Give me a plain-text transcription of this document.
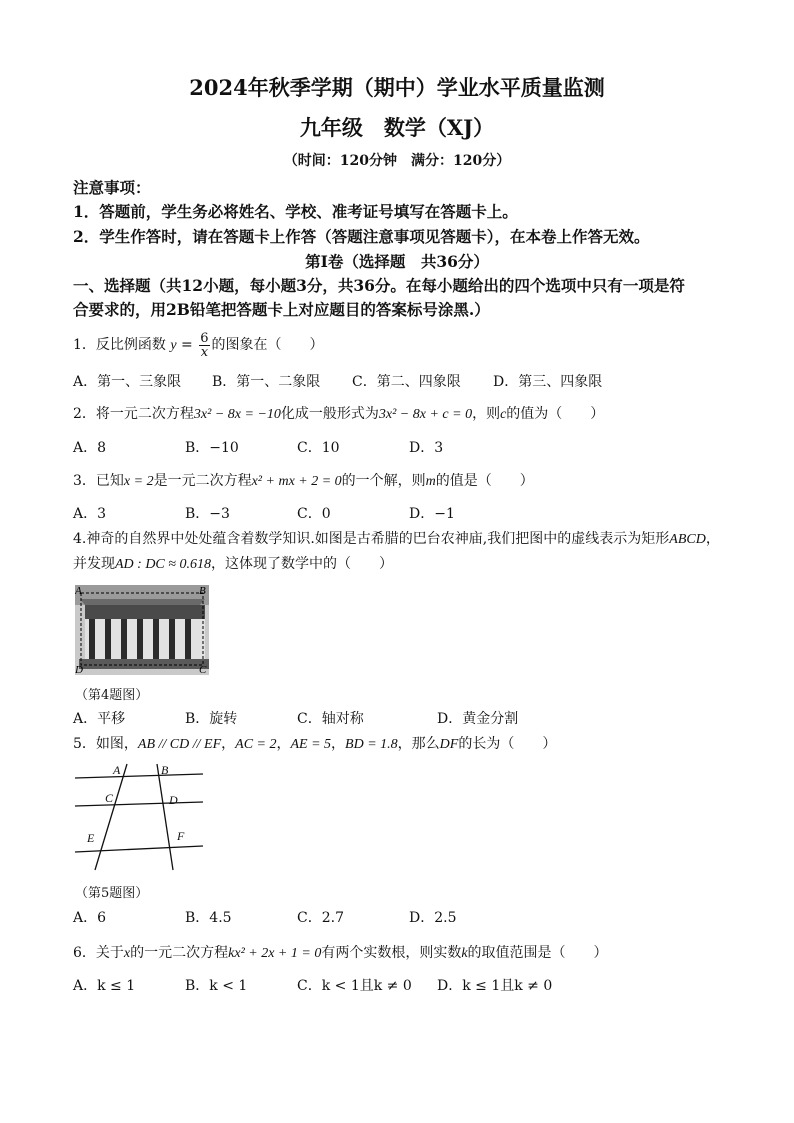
2024年秋季学期（期中）学业水平质量监测
九年级　数学（XJ）
（时间：120分钟　满分：120分）
注意事项：
1．答题前，学生务必将姓名、学校、准考证号填写在答题卡上。
2．学生作答时，请在答题卡上作答（答题注意事项见答题卡），在本卷上作答无效。
第Ⅰ卷（选择题　共36分）
一、选择题（共12小题，每小题3分，共36分。在每小题给出的四个选项中只有一项是符
合要求的，用2B铅笔把答题卡上对应题目的答案标号涂黑.）
1．反比例函数 $y = \frac{6}{x}$ 的图象在（　　）
A．第一、三象限 B．第一、二象限 C．第二、四象限 D．第三、四象限
2．将一元二次方程3x² − 8x = −10化成一般形式为3x² − 8x + c = 0，则c的值为（　　）
A．8	B．−10	C．10	D．3
3．已知x = 2是一元二次方程x² + mx + 2 = 0的一个解，则m的值是（　　）
A．3	B．−3	C．0	D．−1
4.神奇的自然界中处处蕴含着数学知识.如图是古希腊的巴台农神庙,我们把图中的虚线表示为矩形ABCD，
并发现AD : DC ≈ 0.618，这体现了数学中的（　　）
A	B
C
D
（第4题图）
A．平移	B．旋转	C．轴对称	D．黄金分割
5．如图，AB // CD // EF，AC = 2，AE = 5，BD = 1.8，那么DF的长为（　　）
A	B
C	D
E	F
（第5题图）
A．6	B．4.5	C．2.7	D．2.5
6．关于x的一元二次方程kx² + 2x + 1 = 0有两个实数根，则实数k的取值范围是（　　）
A．k ≤ 1	B．k < 1	C．k < 1且k ≠ 0 D．k ≤ 1且k ≠ 0
